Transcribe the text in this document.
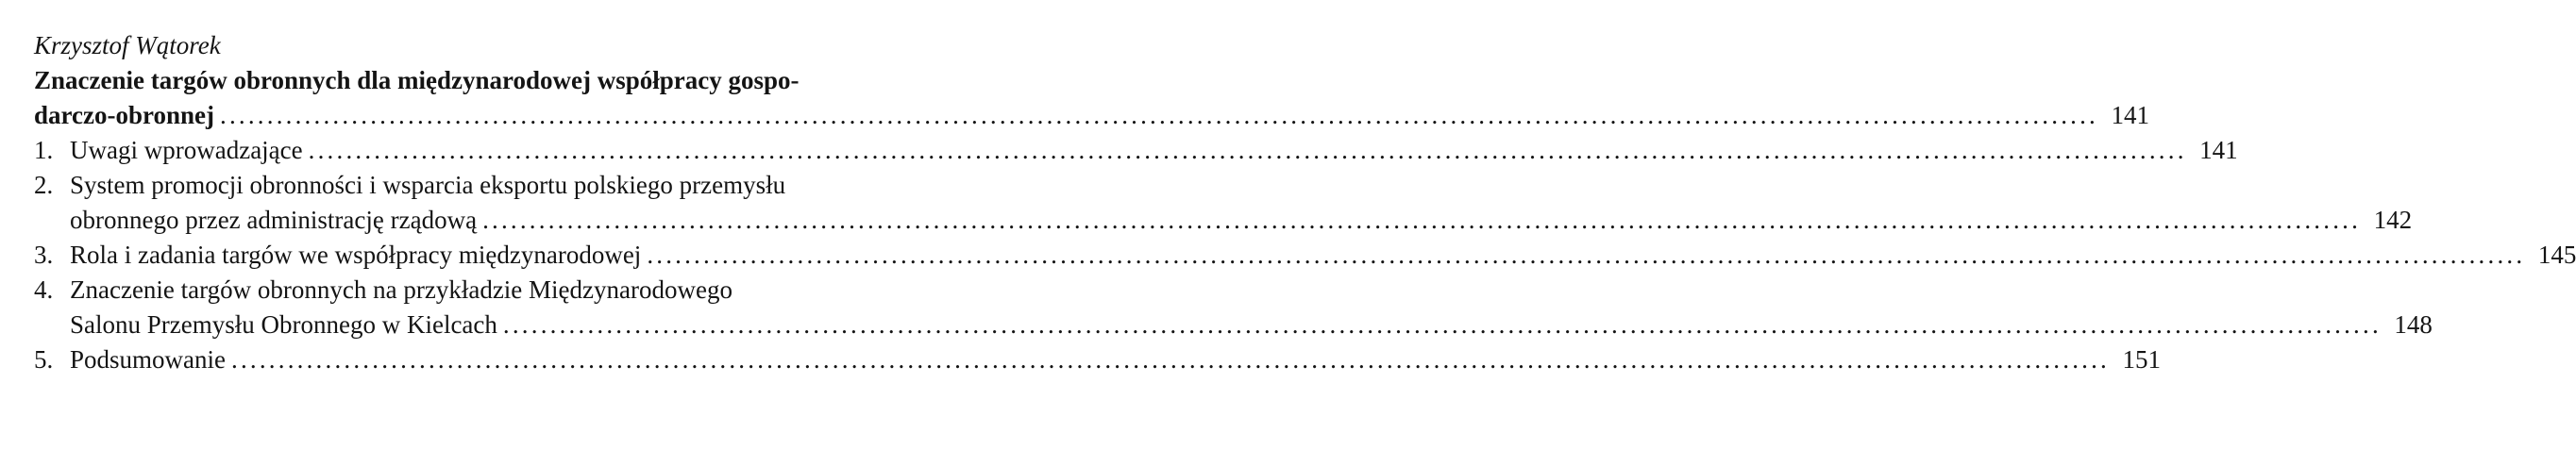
Krzysztof Wątorek
Znaczenie targów obronnych dla międzynarodowej współpracy gospo-
darczo-obronnej ........................................................................................................................................................................................................ 141
1. Uwagi wprowadzające ........................................................................................................................................................................................................ 141
2. System promocji obronności i wsparcia eksportu polskiego przemysłu
obronnego przez administrację rządową ........................................................................................................................................................................................................ 142
3. Rola i zadania targów we współpracy międzynarodowej ........................................................................................................................................................................................................ 145
4. Znaczenie targów obronnych na przykładzie Międzynarodowego
Salonu Przemysłu Obronnego w Kielcach ........................................................................................................................................................................................................ 148
5. Podsumowanie ........................................................................................................................................................................................................ 151
